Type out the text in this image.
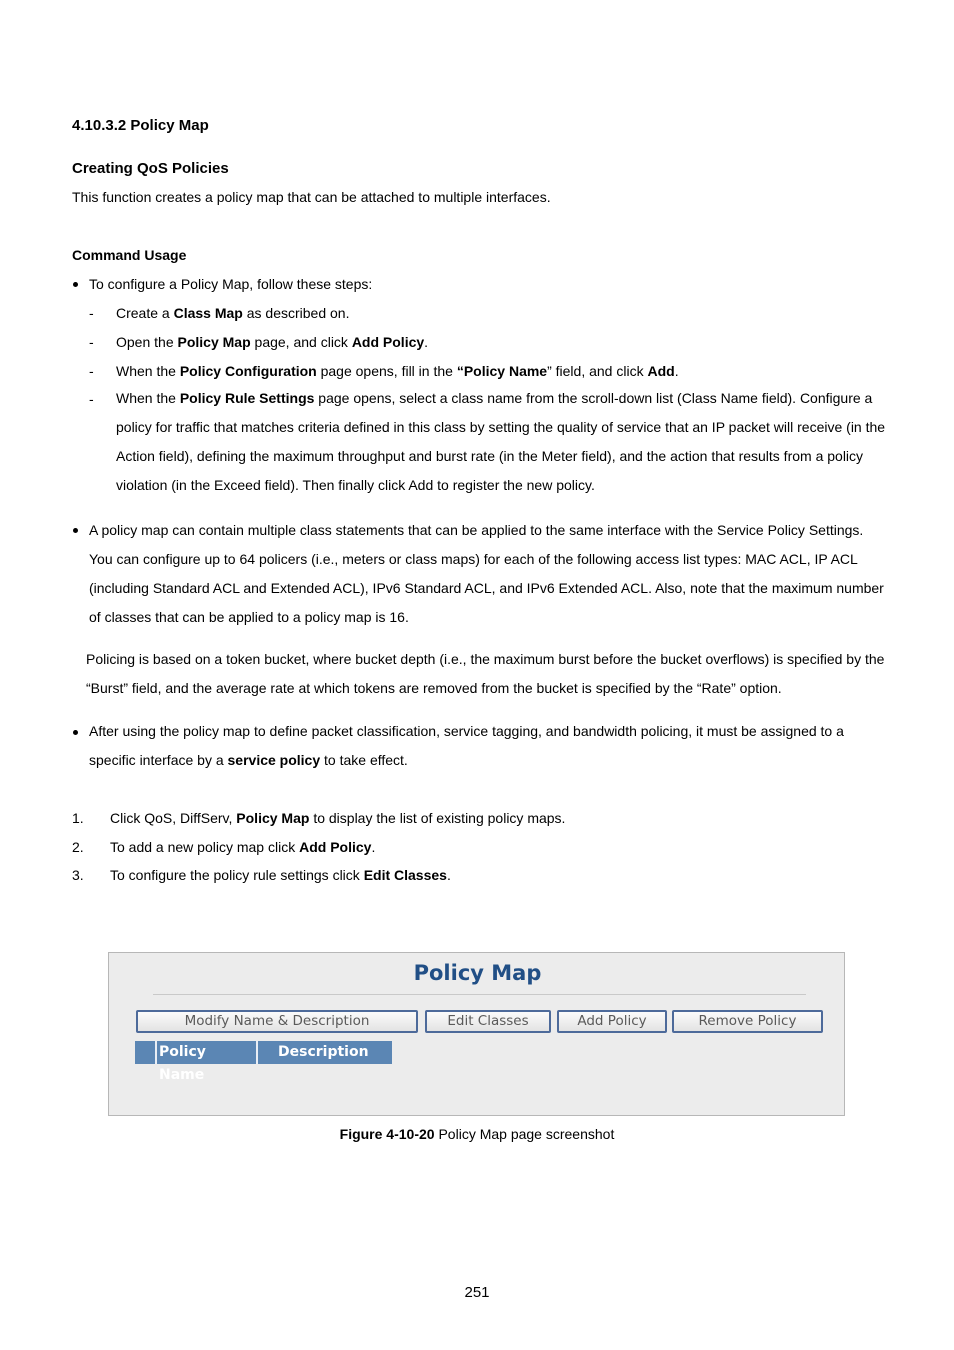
4.10.3.2 Policy Map
Creating QoS Policies
This function creates a policy map that can be attached to multiple interfaces.
Command Usage
To configure a Policy Map, follow these steps:
- Create a Class Map as described on.
- Open the Policy Map page, and click Add Policy.
- When the Policy Configuration page opens, fill in the “Policy Name” field, and click Add.
- When the Policy Rule Settings page opens, select a class name from the scroll-down list (Class Name field). Configure a policy for traffic that matches criteria defined in this class by setting the quality of service that an IP packet will receive (in the Action field), defining the maximum throughput and burst rate (in the Meter field), and the action that results from a policy violation (in the Exceed field). Then finally click Add to register the new policy.
A policy map can contain multiple class statements that can be applied to the same interface with the Service Policy Settings. You can configure up to 64 policers (i.e., meters or class maps) for each of the following access list types: MAC ACL, IP ACL (including Standard ACL and Extended ACL), IPv6 Standard ACL, and IPv6 Extended ACL. Also, note that the maximum number of classes that can be applied to a policy map is 16.
Policing is based on a token bucket, where bucket depth (i.e., the maximum burst before the bucket overflows) is specified by the “Burst” field, and the average rate at which tokens are removed from the bucket is specified by the “Rate” option.
After using the policy map to define packet classification, service tagging, and bandwidth policing, it must be assigned to a specific interface by a service policy to take effect.
1. Click QoS, DiffServ, Policy Map to display the list of existing policy maps.
2. To add a new policy map click Add Policy.
3. To configure the policy rule settings click Edit Classes.
Policy Map
Modify Name & Description	Edit Classes	Add Policy	Remove Policy
Policy Name
Description
Figure 4-10-20 Policy Map page screenshot
251
